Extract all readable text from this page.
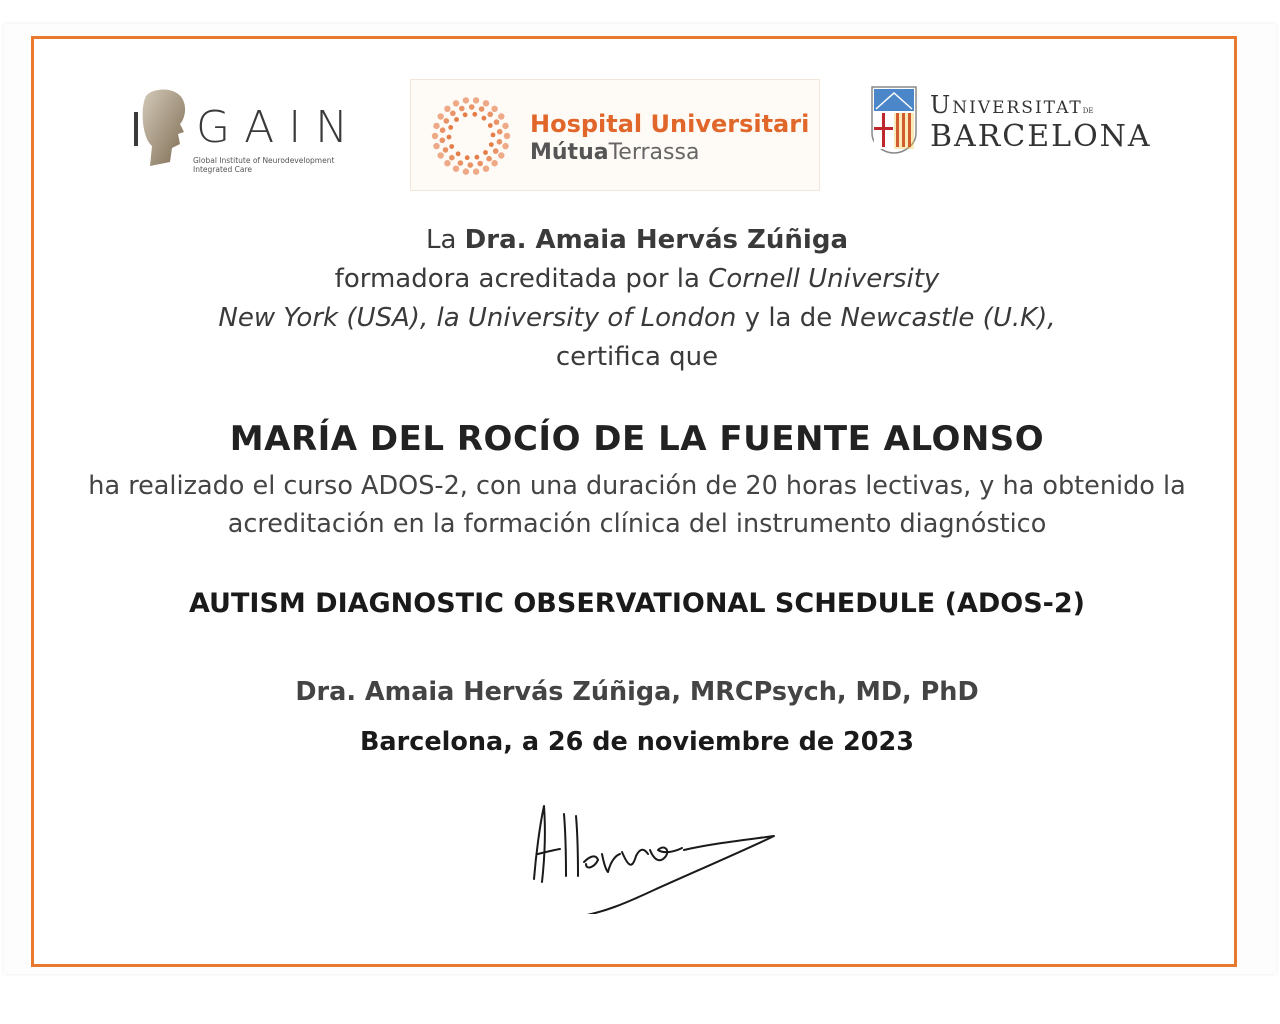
GAIN
Global Institute of Neurodevelopment Integrated Care
Hospital Universitari
MútuaTerrassa
Universitatde
BARCELONA
La Dra. Amaia Hervás Zúñiga
formadora acreditada por la Cornell University
New York (USA), la University of London y la de Newcastle (U.K),
certifica que
MARÍA DEL ROCÍO DE LA FUENTE ALONSO
ha realizado el curso ADOS-2, con una duración de 20 horas lectivas, y ha obtenido la
acreditación en la formación clínica del instrumento diagnóstico
AUTISM DIAGNOSTIC OBSERVATIONAL SCHEDULE (ADOS-2)
Dra. Amaia Hervás Zúñiga, MRCPsych, MD, PhD
Barcelona, a 26 de noviembre de 2023
